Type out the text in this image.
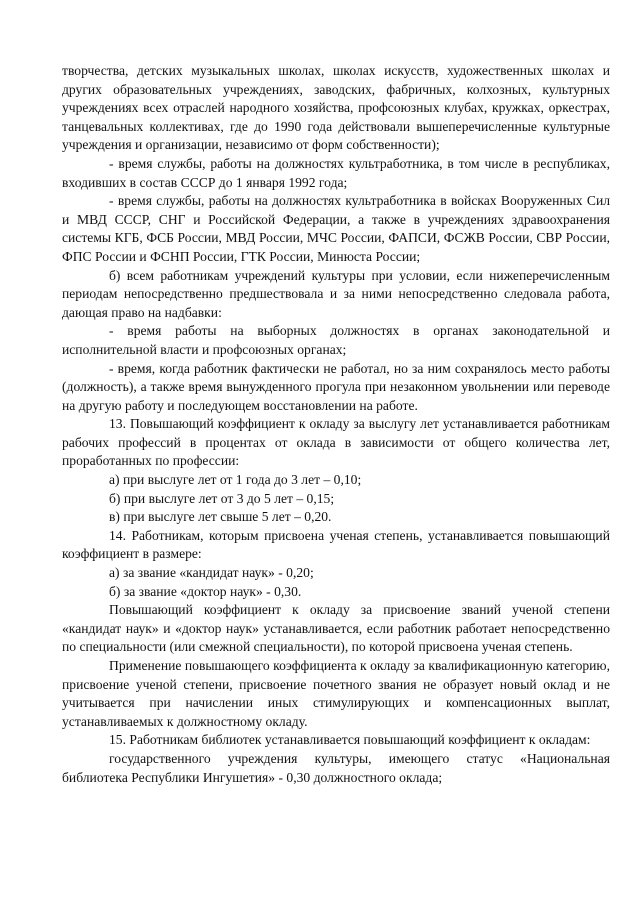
творчества, детских музыкальных школах, школах искусств, художественных школах и других образовательных учреждениях, заводских, фабричных, колхозных, культурных учреждениях всех отраслей народного хозяйства, профсоюзных клубах, кружках, оркестрах, танцевальных коллективах, где до 1990 года действовали вышеперечисленные культурные учреждения и организации, независимо от форм собственности);

- время службы, работы на должностях культработника, в том числе в республиках, входивших в состав СССР до 1 января 1992 года;

- время службы, работы на должностях культработника в войсках Вооруженных Сил и МВД СССР, СНГ и Российской Федерации, а также в учреждениях здравоохранения системы КГБ, ФСБ России, МВД России, МЧС России, ФАПСИ, ФСЖВ России, СВР России, ФПС России и ФСНП России, ГТК России, Минюста России;

б) всем работникам учреждений культуры при условии, если нижеперечисленным периодам непосредственно предшествовала и за ними непосредственно следовала работа, дающая право на надбавки:

- время работы на выборных должностях в органах законодательной и исполнительной власти и профсоюзных органах;

- время, когда работник фактически не работал, но за ним сохранялось место работы (должность), а также время вынужденного прогула при незаконном увольнении или переводе на другую работу и последующем восстановлении на работе.

13. Повышающий коэффициент к окладу за выслугу лет устанавливается работникам рабочих профессий в процентах от оклада в зависимости от общего количества лет, проработанных по профессии:

а) при выслуге лет от 1 года до 3 лет – 0,10;

б) при выслуге лет от 3 до 5 лет – 0,15;

в) при выслуге лет свыше 5 лет – 0,20.

14. Работникам, которым присвоена ученая степень, устанавливается повышающий коэффициент в размере:

а) за звание «кандидат наук» - 0,20;

б) за звание «доктор наук» - 0,30.

Повышающий коэффициент к окладу за присвоение званий ученой степени «кандидат наук» и «доктор наук» устанавливается, если работник работает непосредственно по специальности (или смежной специальности), по которой присвоена ученая степень.

Применение повышающего коэффициента к окладу за квалификационную категорию, присвоение ученой степени, присвоение почетного звания не образует новый оклад и не учитывается при начислении иных стимулирующих и компенсационных выплат, устанавливаемых к должностному окладу.

15. Работникам библиотек устанавливается повышающий коэффициент к окладам:

государственного учреждения культуры, имеющего статус «Национальная библиотека Республики Ингушетия» - 0,30 должностного оклада;
